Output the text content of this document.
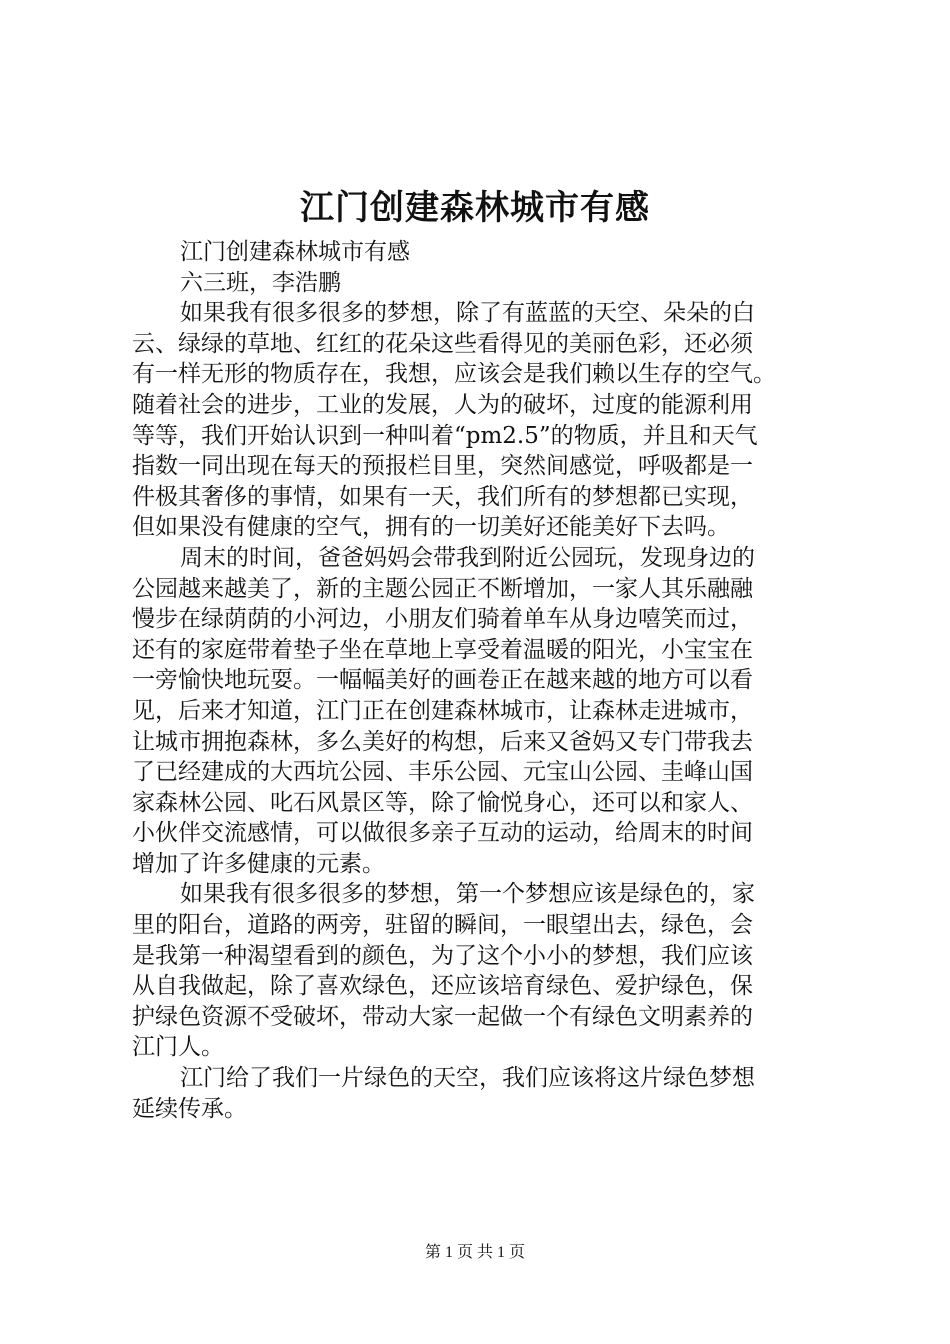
江门创建森林城市有感

江门创建森林城市有感

六三班，李浩鹏

如果我有很多很多的梦想，除了有蓝蓝的天空、朵朵的白

云、绿绿的草地、红红的花朵这些看得见的美丽色彩，还必须

有一样无形的物质存在，我想，应该会是我们赖以生存的空气。

随着社会的进步，工业的发展，人为的破坏，过度的能源利用

等等，我们开始认识到一种叫着“pm2.5”的物质，并且和天气

指数一同出现在每天的预报栏目里，突然间感觉，呼吸都是一

件极其奢侈的事情，如果有一天，我们所有的梦想都已实现，

但如果没有健康的空气，拥有的一切美好还能美好下去吗。

周末的时间，爸爸妈妈会带我到附近公园玩，发现身边的

公园越来越美了，新的主题公园正不断增加，一家人其乐融融

慢步在绿荫荫的小河边，小朋友们骑着单车从身边嘻笑而过，

还有的家庭带着垫子坐在草地上享受着温暖的阳光，小宝宝在

一旁愉快地玩耍。一幅幅美好的画卷正在越来越的地方可以看

见，后来才知道，江门正在创建森林城市，让森林走进城市，

让城市拥抱森林，多么美好的构想，后来又爸妈又专门带我去

了已经建成的大西坑公园、丰乐公园、元宝山公园、圭峰山国

家森林公园、叱石风景区等，除了愉悦身心，还可以和家人、

小伙伴交流感情，可以做很多亲子互动的运动，给周末的时间

增加了许多健康的元素。

如果我有很多很多的梦想，第一个梦想应该是绿色的，家

里的阳台，道路的两旁，驻留的瞬间，一眼望出去，绿色，会

是我第一种渴望看到的颜色，为了这个小小的梦想，我们应该

从自我做起，除了喜欢绿色，还应该培育绿色、爱护绿色，保

护绿色资源不受破坏，带动大家一起做一个有绿色文明素养的

江门人。

江门给了我们一片绿色的天空，我们应该将这片绿色梦想

延续传承。

第 1 页 共 1 页
